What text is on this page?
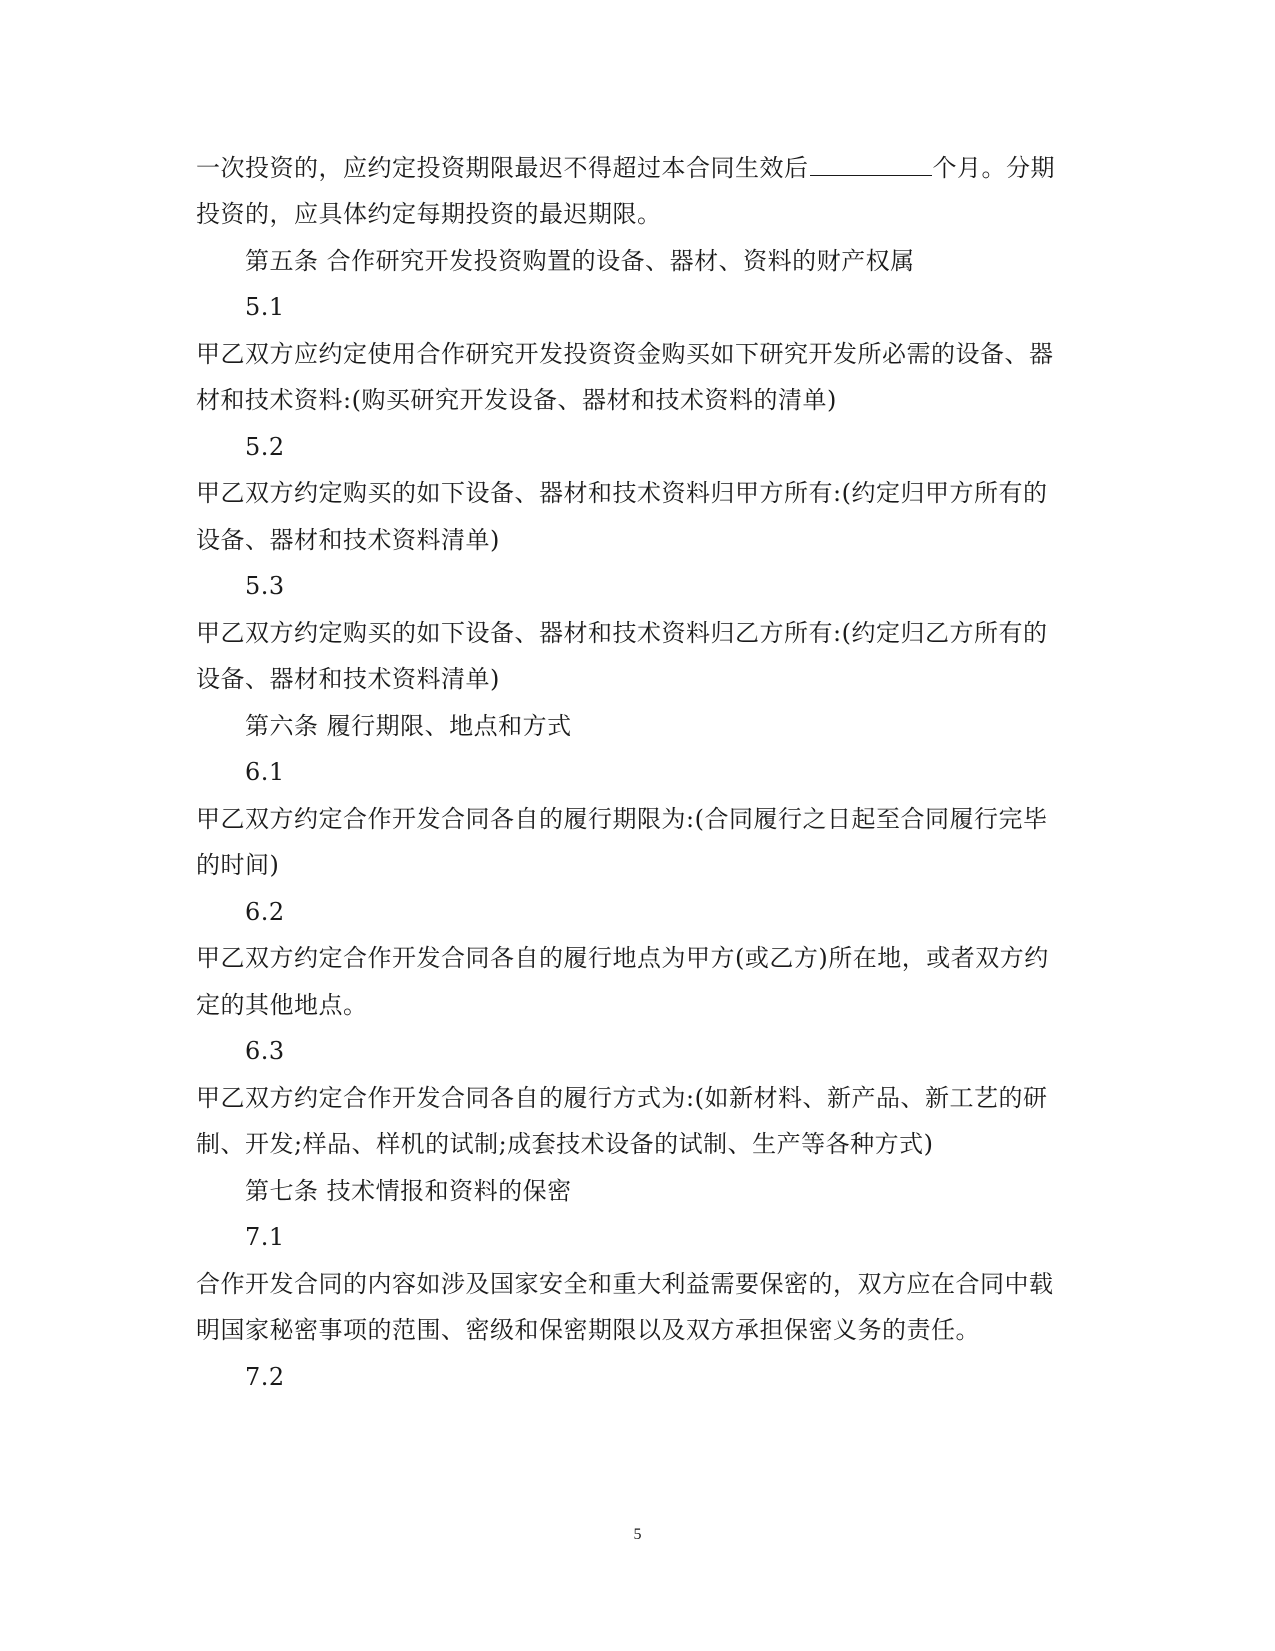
一次投资的，应约定投资期限最迟不得超过本合同生效后	个月。分期
投资的，应具体约定每期投资的最迟期限。
第五条 合作研究开发投资购置的设备、器材、资料的财产权属
5.1
甲乙双方应约定使用合作研究开发投资资金购买如下研究开发所必需的设备、器
材和技术资料:(购买研究开发设备、器材和技术资料的清单)
5.2
甲乙双方约定购买的如下设备、器材和技术资料归甲方所有:(约定归甲方所有的
设备、器材和技术资料清单)
5.3
甲乙双方约定购买的如下设备、器材和技术资料归乙方所有:(约定归乙方所有的
设备、器材和技术资料清单)
第六条 履行期限、地点和方式
6.1
甲乙双方约定合作开发合同各自的履行期限为:(合同履行之日起至合同履行完毕
的时间)
6.2
甲乙双方约定合作开发合同各自的履行地点为甲方(或乙方)所在地，或者双方约
定的其他地点。
6.3
甲乙双方约定合作开发合同各自的履行方式为:(如新材料、新产品、新工艺的研
制、开发;样品、样机的试制;成套技术设备的试制、生产等各种方式)
第七条 技术情报和资料的保密
7.1
合作开发合同的内容如涉及国家安全和重大利益需要保密的，双方应在合同中载
明国家秘密事项的范围、密级和保密期限以及双方承担保密义务的责任。
7.2
5
